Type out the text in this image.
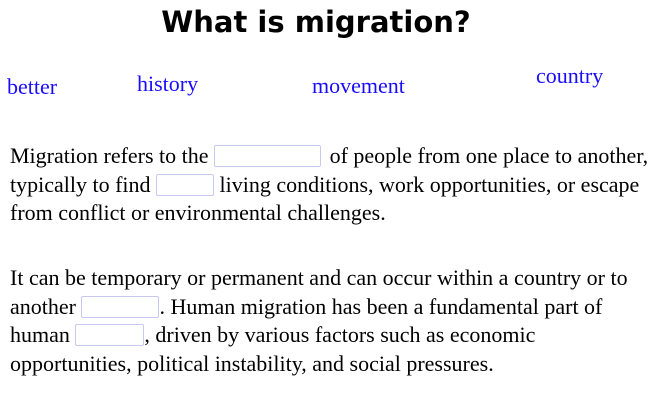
What is migration?
better	history	movement	country

Migration refers to the	of people from one place to another, typically to find	living conditions, work opportunities, or escape from conflict or environmental challenges.

It can be temporary or permanent and can occur within a country or to another	. Human migration has been a fundamental part of human	, driven by various factors such as economic opportunities, political instability, and social pressures.
